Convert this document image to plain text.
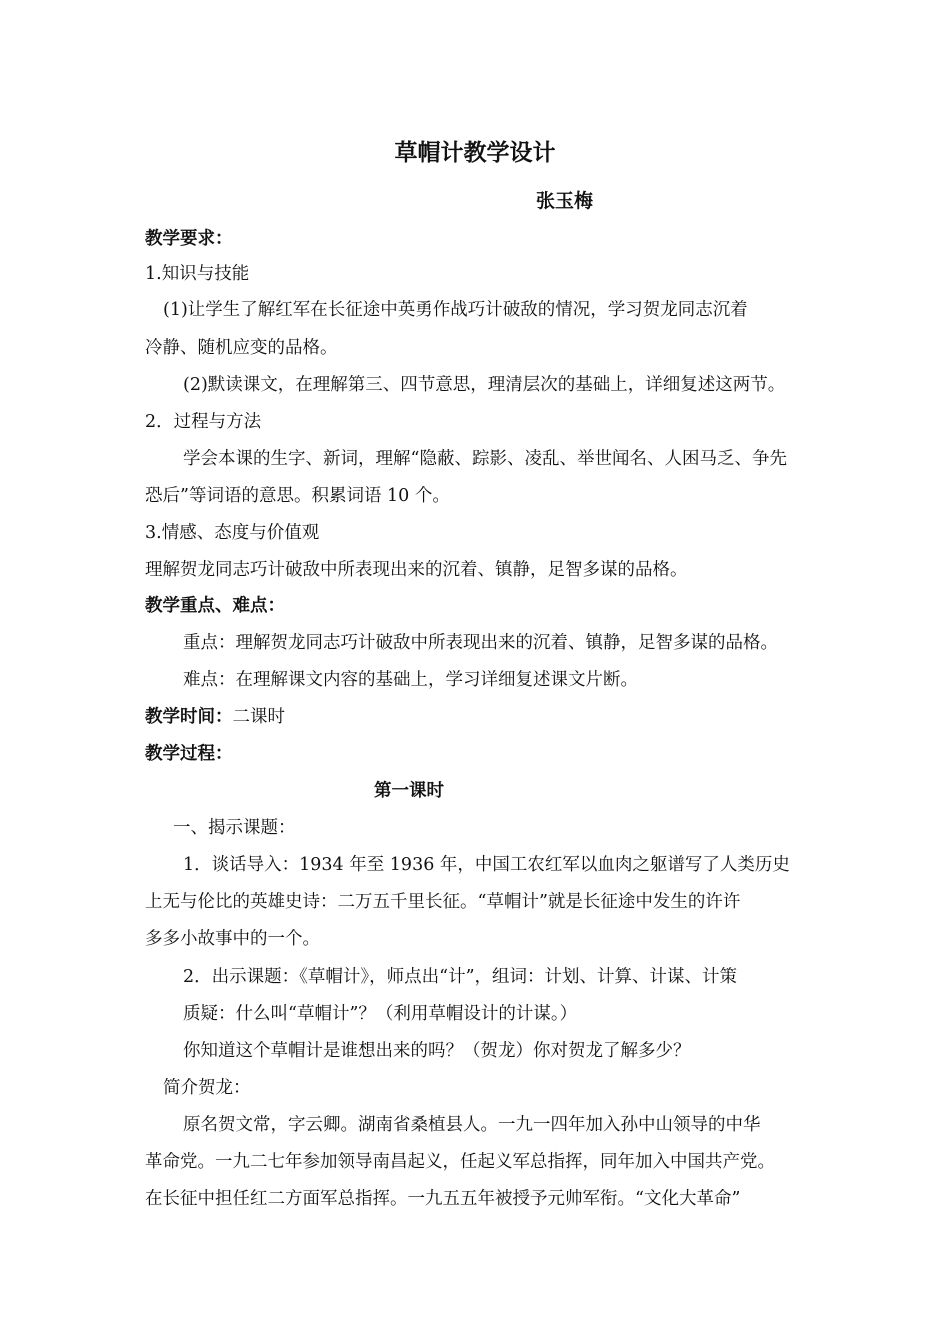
草帽计教学设计
张玉梅
教学要求：
1.知识与技能
(1)让学生了解红军在长征途中英勇作战巧计破敌的情况，学习贺龙同志沉着
冷静、随机应变的品格。
(2)默读课文，在理解第三、四节意思，理清层次的基础上，详细复述这两节。
2．过程与方法
学会本课的生字、新词，理解“隐蔽、踪影、凌乱、举世闻名、人困马乏、争先
恐后”等词语的意思。积累词语 10 个。
3.情感、态度与价值观
理解贺龙同志巧计破敌中所表现出来的沉着、镇静，足智多谋的品格。
教学重点、难点：
重点：理解贺龙同志巧计破敌中所表现出来的沉着、镇静，足智多谋的品格。
难点：在理解课文内容的基础上，学习详细复述课文片断。
教学时间：二课时
教学过程：
第一课时
一、揭示课题：
1．谈话导入：1934 年至 1936 年，中国工农红军以血肉之躯谱写了人类历史
上无与伦比的英雄史诗：二万五千里长征。“草帽计”就是长征途中发生的许许
多多小故事中的一个。
2．出示课题：《草帽计》，师点出“计”，组词：计划、计算、计谋、计策
质疑：什么叫“草帽计”？（利用草帽设计的计谋。）
你知道这个草帽计是谁想出来的吗？（贺龙）你对贺龙了解多少？
简介贺龙：
原名贺文常，字云卿。湖南省桑植县人。一九一四年加入孙中山领导的中华
革命党。一九二七年参加领导南昌起义，任起义军总指挥，同年加入中国共产党。
在长征中担任红二方面军总指挥。一九五五年被授予元帅军衔。“文化大革命”
